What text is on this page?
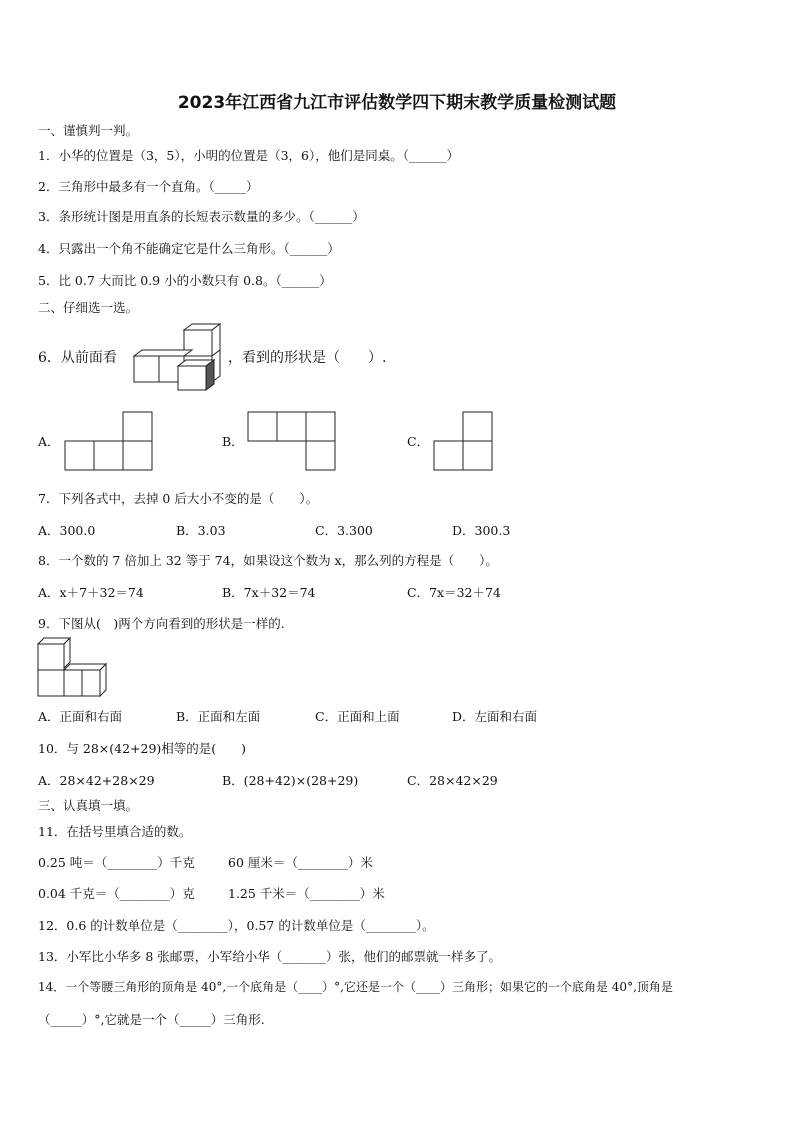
2023年江西省九江市评估数学四下期末教学质量检测试题
一、谨慎判一判。
1．小华的位置是（3，5），小明的位置是（3，6），他们是同桌。（______）
2．三角形中最多有一个直角。（_____）
3．条形统计图是用直条的长短表示数量的多少。（______）
4．只露出一个角不能确定它是什么三角形。（______）
5．比 0.7 大而比 0.9 小的小数只有 0.8。（______）
二、仔细选一选。
6．从前面看	，看到的形状是（　　）.
A．	B．	C．
7．下列各式中，去掉 0 后大小不变的是（　　）。
A．300.0	B．3.03	C．3.300	D．300.3
8．一个数的 7 倍加上 32 等于 74，如果设这个数为 x，那么列的方程是（　　）。
A．x＋7＋32＝74	B．7x＋32＝74	C．7x＝32＋74
9．下图从(　)两个方向看到的形状是一样的.
A．正面和右面	B．正面和左面	C．正面和上面	D．左面和右面
10．与 28×(42+29)相等的是(　　)
A．28×42+28×29	B．(28+42)×(28+29)	C．28×42×29
三、认真填一填。
11．在括号里填合适的数。
0.25 吨＝（________）千克	60 厘米＝（________）米
0.04 千克＝（________）克	1.25 千米＝（________）米
12．0.6 的计数单位是（________），0.57 的计数单位是（________）。
13．小军比小华多 8 张邮票，小军给小华（_______）张，他们的邮票就一样多了。
14．一个等腰三角形的顶角是 40°,一个底角是（____）°,它还是一个（____）三角形；如果它的一个底角是 40°,顶角是
（_____）°,它就是一个（_____）三角形.
